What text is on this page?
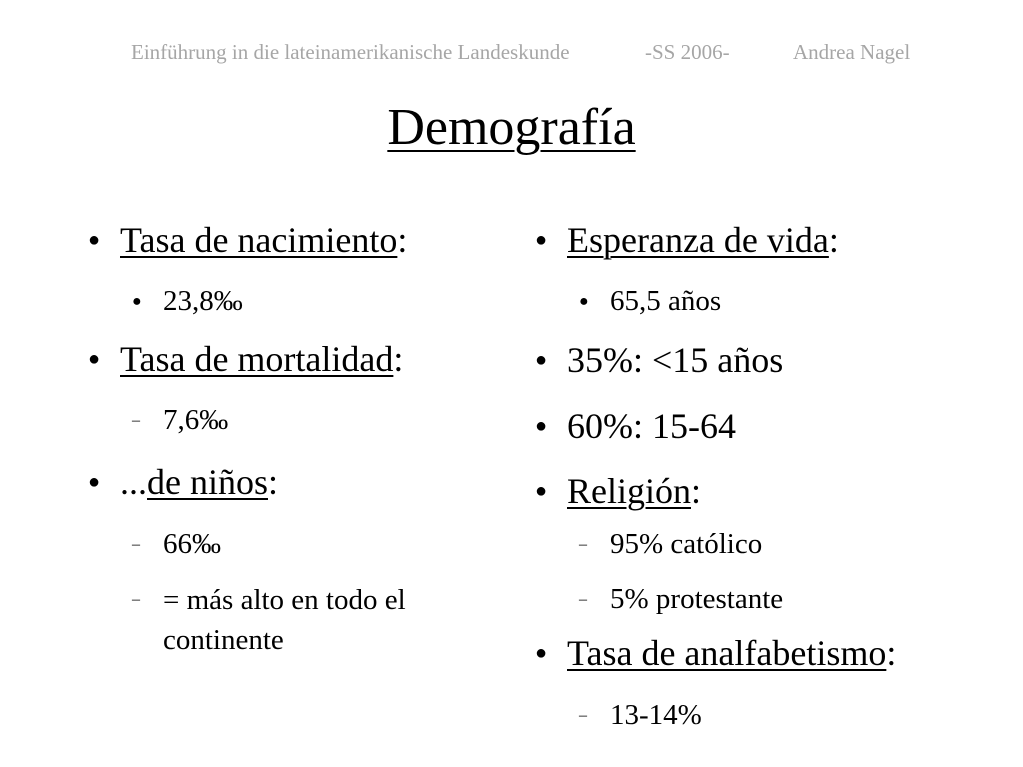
Einführung in die lateinamerikanische Landeskunde	-SS 2006-	Andrea Nagel
Demografía
● Tasa de nacimiento:
● 23,8‰
● Tasa de mortalidad:
– 7,6‰
● ...de niños:
– 66‰
– = más alto en todo el continente
● Esperanza de vida:
● 65,5 años
● 35%: <15 años
● 60%: 15-64
● Religión:
– 95% católico
– 5% protestante
● Tasa de analfabetismo:
– 13-14%
